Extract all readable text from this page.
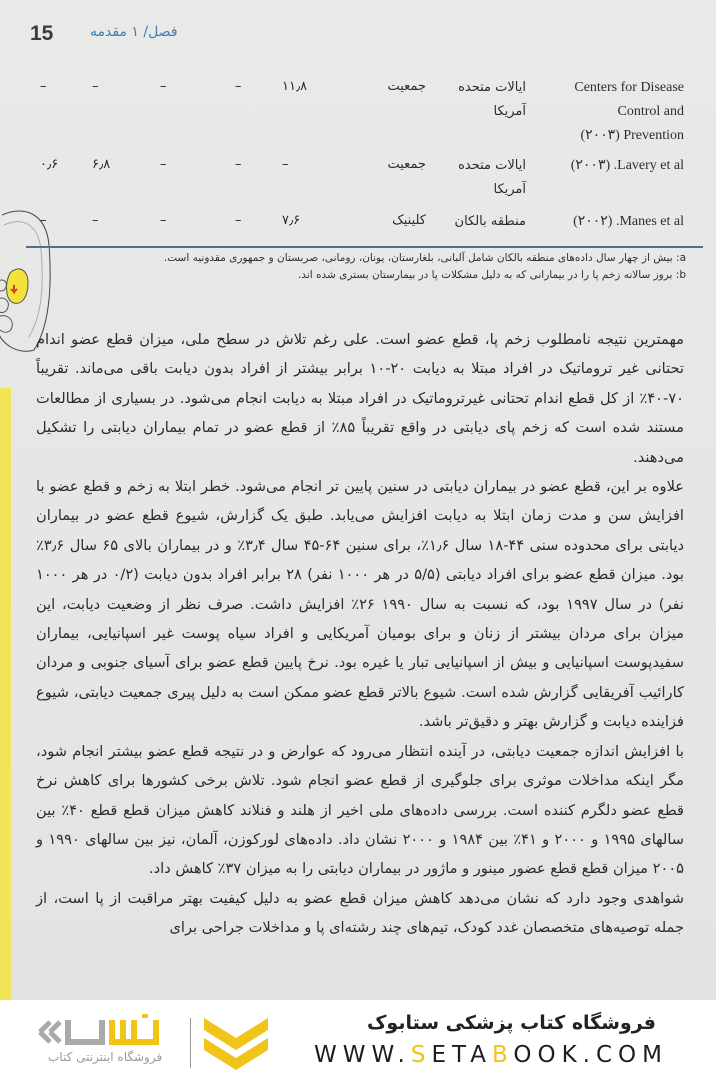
15	فصل/ ۱ مقدمه
Centers for Disease
Control and
(۲۰۰۳) Prevention
ایالات متحده
آمریکا
جمعیت
۱۱٫۸
–
–
–
–
(۲۰۰۳) .Lavery et al
ایالات متحده
آمریکا
جمعیت
–
–
–
۶٫۸
۰٫۶
(۲۰۰۲) .Manes et al
منطقه بالکان
کلینیک
۷٫۶
–
–
–
–
a: بیش از چهار سال داده‌های منطقه بالکان شامل آلبانی، بلغارستان، یونان، رومانی، صربستان و جمهوری مقدونیه است.
b: بروز سالانه زخم پا را در بیمارانی که به دلیل مشکلات پا در بیمارستان بستری شده اند.

مهمترین نتیجه نامطلوب زخم پا، قطع عضو است. علی رغم تلاش در سطح ملی، میزان قطع عضو اندام تحتانی غیر تروماتیک در افراد مبتلا به دیابت ۲۰-۱۰ برابر بیشتر از افراد بدون دیابت باقی می‌ماند. تقریباً ۷۰-۴۰٪ از کل قطع اندام تحتانی غیرتروماتیک در افراد مبتلا به دیابت انجام می‌شود. در بسیاری از مطالعات مستند شده است که زخم پای دیابتی در واقع تقریباً ۸۵٪ از قطع عضو در تمام بیماران دیابتی را تشکیل می‌دهند.

علاوه بر این، قطع عضو در بیماران دیابتی در سنین پایین تر انجام می‌شود. خطر ابتلا به زخم و قطع عضو با افزایش سن و مدت زمان ابتلا به دیابت افزایش می‌یابد. طبق یک گزارش، شیوع قطع عضو در بیماران دیابتی برای محدوده سنی ۴۴-۱۸ سال ۱٫۶٪، برای سنین ۶۴-۴۵ سال ۳٫۴٪ و در بیماران بالای ۶۵ سال ۳٫۶٪ بود. میزان قطع عضو برای افراد دیابتی (۵/۵ در هر ۱۰۰۰ نفر) ۲۸ برابر افراد بدون دیابت (۰/۲ در هر ۱۰۰۰ نفر) در سال ۱۹۹۷ بود، که نسبت به سال ۱۹۹۰ ۲۶٪ افزایش داشت. صرف نظر از وضعیت دیابت، این میزان برای مردان بیشتر از زنان و برای بومیان آمریکایی و افراد سیاه پوست غیر اسپانیایی، بیماران سفیدپوست اسپانیایی و بیش از اسپانیایی تبار یا غیره بود. نرخ پایین قطع عضو برای آسیای جنوبی و مردان کارائیب آفریقایی گزارش شده است. شیوع بالاتر قطع عضو ممکن است به دلیل پیری جمعیت دیابتی، شیوع فزاینده دیابت و گزارش بهتر و دقیق‌تر باشد.

با افزایش اندازه جمعیت دیابتی، در آینده انتظار می‌رود که عوارض و در نتیجه قطع عضو بیشتر انجام شود، مگر اینکه مداخلات موثری برای جلوگیری از قطع عضو انجام شود. تلاش برخی کشورها برای کاهش نرخ قطع عضو دلگرم کننده است. بررسی داده‌های ملی اخیر از هلند و فنلاند کاهش میزان قطع قطع ۴۰٪ بین سالهای ۱۹۹۵ و ۲۰۰۰ و ۴۱٪ بین ۱۹۸۴ و ۲۰۰۰ نشان داد. داده‌های لورکوزن، آلمان، نیز بین سالهای ۱۹۹۰ و ۲۰۰۵ میزان قطع قطع عضور مینور و ماژور در بیماران دیابتی را به میزان ۳۷٪ کاهش داد.

شواهدی وجود دارد که نشان می‌دهد کاهش میزان قطع عضو به دلیل کیفیت بهتر مراقبت از پا است، از جمله توصیه‌های متخصصان غدد کودک، تیم‌های چند رشته‌ای پا و مداخلات جراحی برای

فروشگاه اینترنتی کتاب
فروشگاه کتاب پزشکی ستابوک
WWW.SETABOOK.COM
